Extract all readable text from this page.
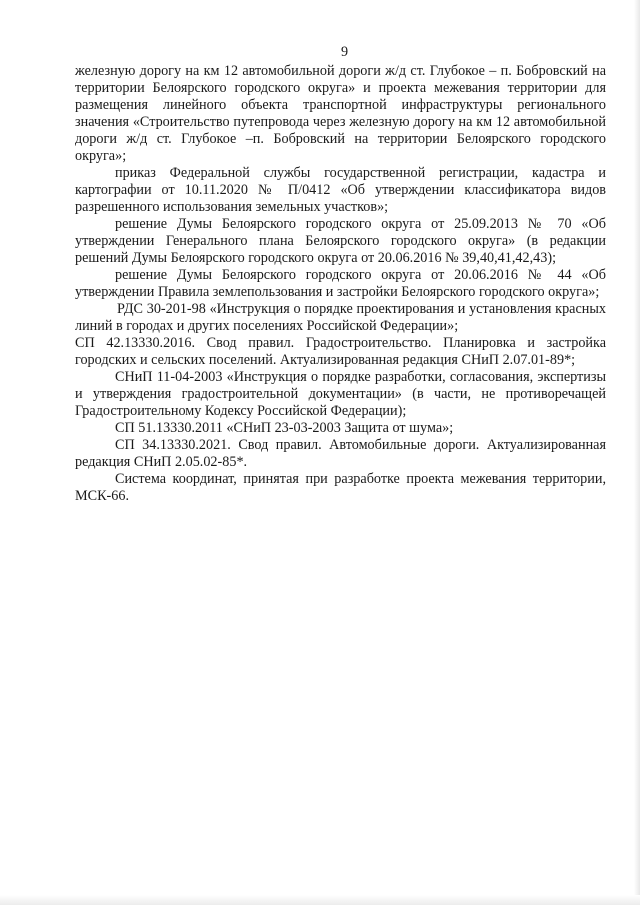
9

железную дорогу на км 12 автомобильной дороги ж/д ст. Глубокое – п. Бобровский на территории Белоярского городского округа» и проекта межевания территории для размещения линейного объекта транспортной инфраструктуры регионального значения «Строительство путепровода через железную дорогу на км 12 автомобильной дороги ж/д ст. Глубокое –п. Бобровский на территории Белоярского городского округа»;

приказ Федеральной службы государственной регистрации, кадастра и картографии от 10.11.2020 № П/0412 «Об утверждении классификатора видов разрешенного использования земельных участков»;

решение Думы Белоярского городского округа от 25.09.2013 № 70 «Об утверждении Генерального плана Белоярского городского округа» (в редакции решений Думы Белоярского городского округа от 20.06.2016 № 39,40,41,42,43);

решение Думы Белоярского городского округа от 20.06.2016 № 44 «Об утверждении Правила землепользования и застройки Белоярского городского округа»;

РДС 30-201-98 «Инструкция о порядке проектирования и установления красных линий в городах и других поселениях Российской Федерации»;

СП 42.13330.2016. Свод правил. Градостроительство. Планировка и застройка городских и сельских поселений. Актуализированная редакция СНиП 2.07.01-89*;

СНиП 11-04-2003 «Инструкция о порядке разработки, согласования, экспертизы и утверждения градостроительной документации» (в части, не противоречащей Градостроительному Кодексу Российской Федерации);

СП 51.13330.2011 «СНиП 23-03-2003 Защита от шума»;

СП 34.13330.2021. Свод правил. Автомобильные дороги. Актуализированная редакция СНиП 2.05.02-85*.

Система координат, принятая при разработке проекта межевания территории, МСК-66.
